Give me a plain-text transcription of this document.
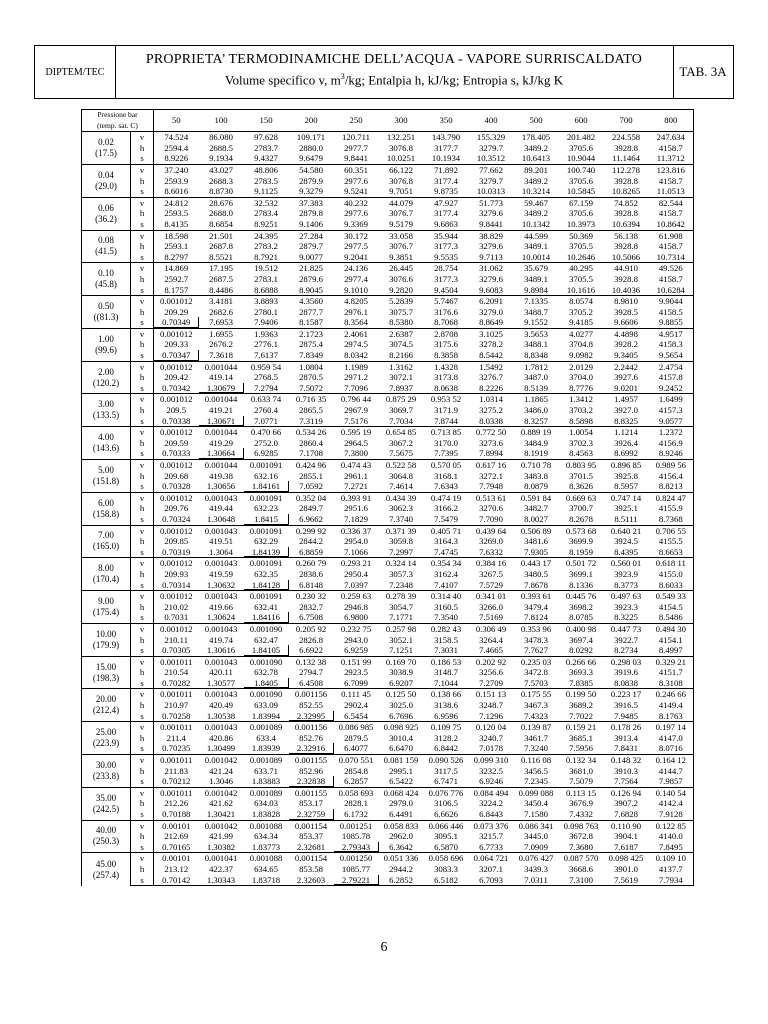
DIPTEM/TEC
PROPRIETA’ TERMODINAMICHE DELL’ACQUA - VAPORE SURRISCALDATO
Volume specifico v, $m^3/kg$; Entalpia h, kJ/kg; Entropia s, kJ/kg K
TAB. 3A
Pressione bar
(temp. sat. C)		50	100	150	200	250	300	350	400	500	600	700	800

0.02
(17.5)	v	74.524	86.080	97.628	109.171	120.711	132.251	143.790	155.329	178.405	201.482	224.558	247.634
	h	2594.4	2688.5	2783.7	2880.0	2977.7	3076.8	3177.7	3279.7	3489.2	3705.6	3928.8	4158.7
	s	8.9226	9.1934	9.4327	9.6479	9.8441	10.0251	10.1934	10.3512	10.6413	10.9044	11.1464	11.3712

0.04
(29.0)	v	37.240	43.027	48.806	54.580	60.351	66.122	71.892	77.662	89.201	100.740	112.278	123.816
	h	2593.9	2688.3	2783.5	2879.9	2977.6	3076.8	3177.4	3279.7	3489.2	3705.6	3928.8	4158.7
	s	8.6016	8.8730	9.1125	9.3279	9.5241	9.7051	9.8735	10.0313	10.3214	10.5845	10.8265	11.0513

0.06
(36.2)	v	24.812	28.676	32.532	37.383	40.232	44.079	47.927	51.773	59.467	67.159	74.852	82.544
	h	2593.5	2688.0	2783.4	2879.8	2977.6	3076.7	3177.4	3279.6	3489.2	3705.6	3928.8	4158.7
	s	8.4135	8.6854	8.9251	9.1406	9.3369	9.5179	9.6863	9.8441	10.1342	10.3973	10.6394	10.8642

0.08
(41.5)	v	18.598	21.501	24.395	27.284	30.172	33.058	35.944	38.829	44.599	50.369	56.138	61.908
	h	2593.1	2687.8	2783.2	2879.7	2977.5	3076.7	3177.3	3279.6	3489.1	3705.5	3928.8	4158.7
	s	8.2797	8.5521	8.7921	9.0077	9.2041	9.3851	9.5535	9.7113	10.0014	10.2646	10.5066	10.7314

0.10
(45.8)	v	14.869	17.195	19.512	21.825	24.136	26.445	28.754	31.062	35.679	40.295	44.910	49.526
	h	2592.7	2687.5	2783.1	2879.6	2977.4	3076.6	3177.3	3279.6	3489.1	3705.5	3928.8	4158.7
	s	8.1757	8.4486	8.6888	8.9045	9.1010	9.2820	9.4504	9.6083	9.8984	10.1616	10.4036	10.6284

0.50
((81.3)	v	0.001012	3.4181	3.8893	4.3560	4.8205	5.2839	5.7467	6.2091	7.1335	8.0574	8.9810	9.9044
	h	209.29	2682.6	2780.1	2877.7	2976.1	3075.7	3176.6	3279.0	3488.7	3705.2	3928.5	4158.5
	s	0.70349	7.6953	7.9406	8.1587	8.3564	8.5380	8.7068	8.8649	9.1552	9.4185	9.6606	9.8855

1.00
(99.6)	v	0.001012	1.6955	1.9363	2.1723	2.4061	2.6387	2.8708	3.1025	3.5653	4.0277	4.4898	4.9517
	h	209.33	2676.2	2776.1	2875.4	2974.5	3074.5	3175.6	3278.2	3488.1	3704.8	3928.2	4158.3
	s	0.70347	7.3618	7.6137	7.8349	8.0342	8.2166	8.3858	8.5442	8.8348	9.0982	9.3405	9.5654

2.00
(120.2)	v	0.001012	0.001044	0.959 54	1.0804	1.1989	1.3162	1.4328	1.5492	1.7812	2.0129	2.2442	2.4754
	h	209.42	419.14	2768.5	2870.5	2971.2	3072.1	3173.8	3276.7	3487.0	3704.0	3927.6	4157.8
	s	0.70342	1.30679	7.2794	7.5072	7.7096	7.8937	8.0638	8.2226	8.5139	8.7776	9.0201	9.2452

3.00
(133.5)	v	0.001012	0.001044	0.633 74	0.716 35	0.796 44	0.875 29	0.953 52	1.0314	1.1865	1.3412	1.4957	1.6499
	h	209.5	419.21	2760.4	2865.5	2967.9	3069.7	3171.9	3275.2	3486.0	3703.2	3927.0	4157.3
	s	0.70338	1.30671	7.0771	7.3119	7.5176	7.7034	7.8744	8.0338	8.3257	8.5898	8.8325	9.0577

4.00
(143.6)	v	0.001012	0.001044	0.470 66	0.534 26	0.595 19	0.654 85	0.713 85	0.772 50	0.889 19	1.0054	1.1214	1.2372
	h	209.59	419.29	2752.0	2860.4	2964.5	3067.2	3170.0	3273.6	3484.9	3702.3	3926.4	4156.9
	s	0.70333	1.30664	6.9285	7.1708	7.3800	7.5675	7.7395	7.8994	8.1919	8.4563	8.6992	8.9246

5.00
(151.8)	v	0.001012	0.001044	0.001091	0.424 96	0.474 43	0.522 58	0.570 05	0.617 16	0.710 78	0.803 95	0.896 85	0.989 56
	h	209.68	419.38	632.16	2855.1	2961.1	3064.8	3168.1	3272.1	3483.8	3701.5	3925.8	4156.4
	s	0.70328	1.30656	1.84161	7.0592	7.2721	7.4614	7.6343	7.7948	8.0879	8.3626	8.5957	8.8213

6.00
(158.8)	v	0.001012	0.001043	0.001091	0.352 04	0.393 91	0.434 39	0.474 19	0.513 61	0.591 84	0.669 63	0.747 14	0.824 47
	h	209.76	419.44	632.23	2849.7	2951.6	3062.3	3166.2	3270.6	3482.7	3700.7	3925.1	4155.9
	s	0.70324	1.30648	1.8415	6.9662	7.1829	7.3740	7.5479	7.7090	8.0027	8.2678	8.5111	8.7368

7.00
(165.0)	v	0.001012	0.001043	0.001091	0.299 92	0.336 37	0.371 39	0.405 71	0.439 64	0.506 89	0.573 68	0.640 21	0.706 55
	h	209.85	419.51	632.29	2844.2	2954.0	3059.8	3164.3	3269.0	3481.6	3699.9	3924.5	4155.5
	s	0.70319	1.3064	1.84139	6.8859	7.1066	7.2997	7.4745	7.6332	7.9305	8.1959	8.4395	8.6653

8.00
(170.4)	v	0.001012	0.001043	0.001091	0.260 79	0.293 21	0.324 14	0.354 34	0.384 16	0.443 17	0.501 72	0.560 01	0.618 11
	h	209.93	419.59	632.35	2838.6	2950.4	3057.3	3162.4	3267.5	3480.5	3699.1	3923.9	4155.0
	s	0.70314	1.30632	1.84128	6.8148	7.0397	7.2348	7.4107	7.5729	7.8678	8.1336	8.3773	8.6033

9.00
(175.4)	v	0.001012	0.001043	0.001091	0.230 32	0.259 63	0.278 39	0.314 40	0.341 01	0.393 61	0.445 76	0.497 63	0.549 33
	h	210.02	419.66	632.41	2832.7	2946.8	3054.7	3160.5	3266.0	3479.4	3698.2	3923.3	4154.5
	s	0.7031	1.30624	1.84116	6.7508	6.9800	7.1771	7.3540	7.5169	7.8124	8.0785	8.3225	8.5486

10.00
(179.9)	v	0.001012	0.001043	0.001090	0.205 92	0.232 75	0.257 98	0.282 43	0.306 49	0.353 96	0.400 98	0.447 73	0.494 30
	h	210.11	419.74	632.47	2826.8	2943.0	3052.1	3158.5	3264.4	3478.3	3697.4	3922.7	4154.1
	s	0.70305	1.30616	1.84105	6.6922	6.9259	7.1251	7.3031	7.4665	7.7627	8.0292	8.2734	8.4997

15.00
(198.3)	v	0.001011	0.001043	0.001090	0.132 38	0.151 99	0.169 70	0.186 53	0.202 92	0.235 03	0.266 66	0.298 03	0.329 21
	h	210.54	420.11	632.78	2794.7	2923.5	3038.9	3148.7	3256.6	3472.8	3693.3	3919.6	4151.7
	s	0.70282	1.30577	1.8405	6.4508	6.7099	6.9207	7.1044	7.2709	7.5703	7.8385	8.0838	8.3108

20.00
(212.4)	v	0.001011	0.001043	0.001090	0.001156	0.111 45	0.125 50	0.138 66	0.151 13	0.175 55	0.199 50	0.223 17	0.246 66
	h	210.97	420.49	633.09	852.55	2902.4	3025.0	3138.6	3248.7	3467.3	3689.2	3916.5	4149.4
	s	0.70258	1.30538	1.83994	2.32995	6.5454	6.7696	6.9596	7.1296	7.4323	7.7022	7.9485	8.1763

25.00
(223.9)	v	0.001011	0.001043	0.001089	0.001156	0.086 985	0.098 925	0.109 75	0.120 04	0.139 87	0.159 21	0.178 26	0.197 14
	h	211.4	420.86	633.4	852.76	2879.5	3010.4	3128.2	3240.7	3461.7	3685.1	3913.4	4147.0
	s	0.70235	1.30499	1.83939	2.32916	6.4077	6.6470	6.8442	7.0178	7.3240	7.5956	7.8431	8.0716

30.00
(233.8)	v	0.001011	0.001042	0.001089	0.001155	0.070 551	0.081 159	0.090 526	0.099 310	0.116 08	0.132 34	0.148 32	0.164 12
	h	211.83	421.24	633.71	852.96	2854.8	2995.1	3117.5	3232.5	3456.5	3681.0	3910.3	4144.7
	s	0.70212	1.3046	1.83883	2.32838	6.2857	6.5422	6.7471	6.9246	7.2345	7.5079	7.7564	7.9857

35.00
(242.5)	v	0.001011	0.001042	0.001089	0.001155	0.058 693	0.068 424	0.076 776	0.084 494	0.099 088	0.113 15	0.126 94	0.140 54
	h	212.26	421.62	634.03	853.17	2828.1	2979.0	3106.5	3224.2	3450.4	3676.9	3907.2	4142.4
	s	0.70188	1.30421	1.83828	2.32759	6.1732	6.4491	6.6626	6.8443	7.1580	7.4332	7.6828	7.9128

40.00
(250.3)	v	0.00101	0.001042	0.001088	0.001154	0.001251	0.058 833	0.066 446	0.073 376	0.086 341	0.098 763	0.110 90	0.122 85
	h	212.69	421.99	634.34	853.37	1085.78	2962.0	3095.1	3215.7	3445.0	3672.8	3904.1	4140.0
	s	0.70165	1.30382	1.83773	2.32681	2.79343	6.3642	6.5870	6.7733	7.0909	7.3680	7.6187	7.8495

45.00
(257.4)	v	0.00101	0.001041	0.001088	0.001154	0.001250	0.051 336	0.058 696	0.064 721	0.076 427	0.087 570	0.098 425	0.109 10
	h	213.12	422.37	634.65	853.58	1085.77	2944.2	3083.3	3207.1	3439.3	3668.6	3901.0	4137.7
	s	0.70142	1.30343	1.83718	2.32603	2.79221	6.2852	6.5182	6.7093	7.0311	7.3100	7.5619	7.7934
6
